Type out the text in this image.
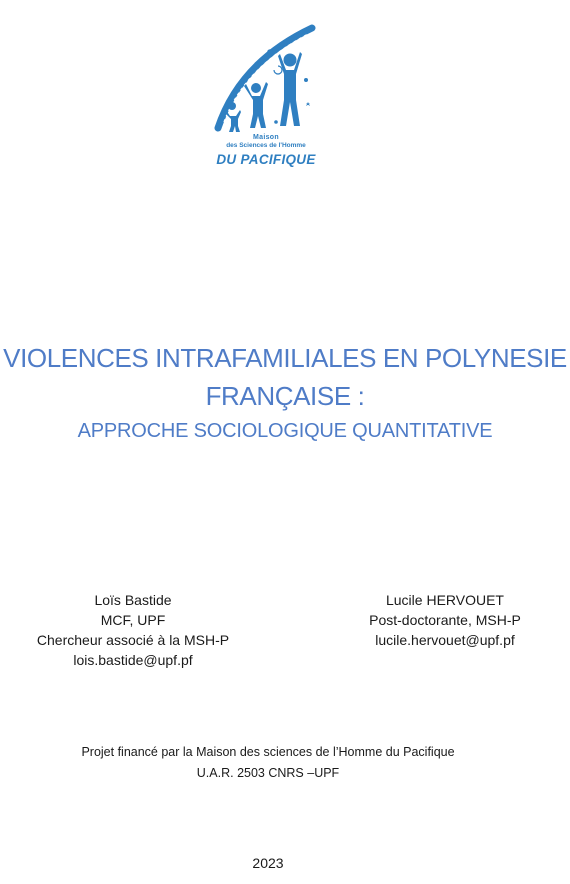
Maison
des Sciences de l'Homme
DU PACIFIQUE
VIOLENCES INTRAFAMILIALES EN POLYNESIE
FRANÇAISE :
APPROCHE SOCIOLOGIQUE QUANTITATIVE
Loïs Bastide
MCF, UPF
Chercheur associé à la MSH-P
lois.bastide@upf.pf
Lucile HERVOUET
Post-doctorante, MSH-P
lucile.hervouet@upf.pf
Projet financé par la Maison des sciences de l’Homme du Pacifique
U.A.R. 2503 CNRS –UPF
2023
